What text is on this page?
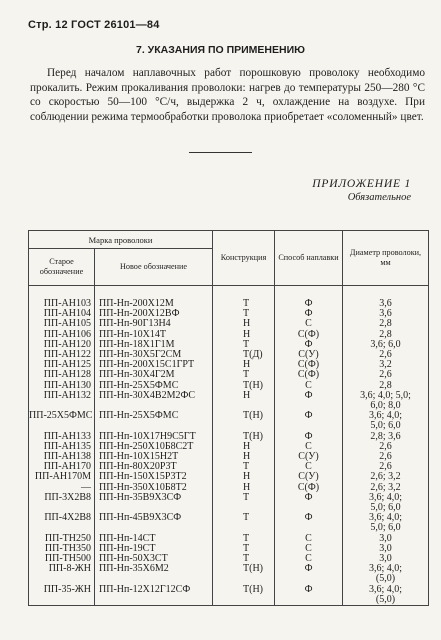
Стр. 12 ГОСТ 26101—84
7. УКАЗАНИЯ ПО ПРИМЕНЕНИЮ
Перед началом наплавочных работ порошковую проволоку необходимо прокалить. Режим прокаливания проволоки: нагрев до температуры 250—280 °С со скоростью 50—100 °С/ч, выдержка 2 ч, охлаждение на воздухе. При соблюдении режима термообработки проволока приобретает «соломенный» цвет.
ПРИЛОЖЕНИЕ 1
Обязательное
Марка проволоки		Конструкция	Способ наплавки	Диаметр проволоки, мм
Старое обозначение	Новое обозначение			
ПП-АН103	ПП-Нп-200Х12М	Т	Ф	3,6
ПП-АН104	ПП-Нп-200Х12ВФ	Т	Ф	3,6
ПП-АН105	ПП-Нп-90Г13Н4	Н	С	2,8
ПП-АН106	ПП-Нп-10Х14Т	Н	С(Ф)	2,8
ПП-АН120	ПП-Нп-18Х1Г1М	Т	Ф	3,6; 6,0
ПП-АН122	ПП-Нп-30Х5Г2СМ	Т(Д)	С(У)	2,6
ПП-АН125	ПП-Нп-200Х15С1ГРТ	Н	С(Ф)	3,2
ПП-АН128	ПП-Нп-30Х4Г2М	Т	С(Ф)	2,6
ПП-АН130	ПП-Нп-25Х5ФМС	Т(Н)	С	2,8
ПП-АН132	ПП-Нп-30Х4В2М2ФС	Н	Ф	3,6; 4,0; 5,0;
6,0; 8,0
ПП-25Х5ФМС	ПП-Нп-25Х5ФМС	Т(Н)	Ф	3,6; 4,0;
5,0; 6,0
ПП-АН133	ПП-Нп-10Х17Н9С5ГТ	Т(Н)	Ф	2,8; 3,6
ПП-АН135	ПП-Нп-250Х10Б8С2Т	Н	С	2,6
ПП-АН138	ПП-Нп-10Х15Н2Т	Н	С(У)	2,6
ПП-АН170	ПП-Нп-80Х20Р3Т	Т	С	2,6
ПП-АН170М	ПП-Нп-150Х15Р3Т2	Н	С(У)	2,6; 3,2
—	ПП-Нп-350Х10Б8Т2	Н	С(Ф)	2,6; 3,2
ПП-3Х2В8	ПП-Нп-35В9Х3СФ	Т	Ф	3,6; 4,0;
5,0; 6,0
ПП-4Х2В8	ПП-Нп-45В9Х3СФ	Т	Ф	3,6; 4,0;
5,0; 6,0
ПП-ТН250	ПП-Нп-14СТ	Т	С	3,0
ПП-ТН350	ПП-Нп-19СТ	Т	С	3,0
ПП-ТН500	ПП-Нп-50Х3СТ	Т	С	3,0
ПП-8-ЖН	ПП-Нп-35Х6М2	Т(Н)	Ф	3,6; 4,0;
(5,0)
ПП-35-ЖН	ПП-Нп-12Х12Г12СФ	Т(Н)	Ф	3,6; 4,0;
(5,0)
